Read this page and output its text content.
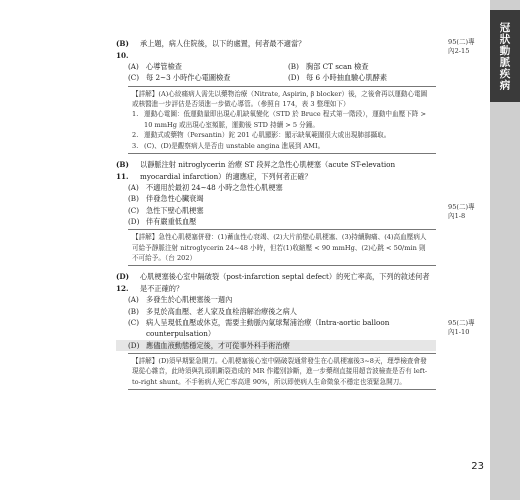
冠狀動脈疾病
95(二)專
內2-15
(B) 10.
承上題，病人住院後，以下的處置，何者最不適當？
(A) 心導管檢查	(B) 胸部 CT scan 檢查
(C) 每 2~3 小時作心電圖檢查	(D) 每 6 小時抽血驗心肌酵素

【詳解】(A)心絞痛病人需先以藥物治療（Nitrate, Aspirin, β blocker）後，之後會再以運動心電圖或核醫進一步評估是否須進一步做心導管。（參照自 174，表 3 整理如下）

1. 運動心電圖：低運動量即出現心肌缺氧變化（STD 於 Bruce 程式第一階段），運動中血壓下降 > 10 mmHg 或出現心室頻脈，運動後 STD 持續 > 5 分鐘。
2. 運動式或藥物（Persantin）鉈 201 心肌顯影：顯示缺氧範圍很大或出現肺部攝取。
3. (C)、(D)是觀察病人是否由 unstable angina 進展到 AMI。
(B) 11.
以靜脈注射 nitroglycerin 治療 ST 段昇之急性心肌梗塞（acute ST-elevation myocardial infarction）的適應症，下列何者正確？
(A) 不適用於最初 24~48 小時之急性心肌梗塞
(B) 伴發急性心臟衰竭
(C) 急性下壁心肌梗塞
(D) 伴有嚴重低血壓

【詳解】急性心肌梗塞併發：(1)蓄血性心衰竭、(2)大片前壁心肌梗塞、(3)持續胸痛、(4)高血壓病人可給予靜脈注射 nitroglycerin 24~48 小時，但若(1)收縮壓 < 90 mmHg、(2)心跳 < 50/min 則不可給予。（台 202）

(D) 12.
心肌梗塞後心室中隔破裂（post-infarction septal defect）的死亡率高，下列的敘述何者是不正確的？
(A) 多發生於心肌梗塞後一週內
(B) 多見於高血壓、老人家及血栓溶解治療後之病人
(C) 病人呈現低血壓或休克，需要主動脈內氣球幫浦治療（Intra-aortic balloon counterpulsation）
(D) 應儘血液動態穩定後，才可從事外科手術治療

【詳解】(D)須早期緊急開刀。心肌梗塞後心室中隔破裂通常發生在心肌梗塞後3~8天，理學檢查會發現從心雜音，此時須與乳頭肌斷裂造成的 MR 作鑑別診斷，進一步藥劑直接用超音波檢查是否有 left-to-right shunt。不手術病人死亡率高達 90%，所以即使病人生命徵象不穩定也須緊急開刀。

95(二)專
內1-8
95(二)專
內1-10
23
